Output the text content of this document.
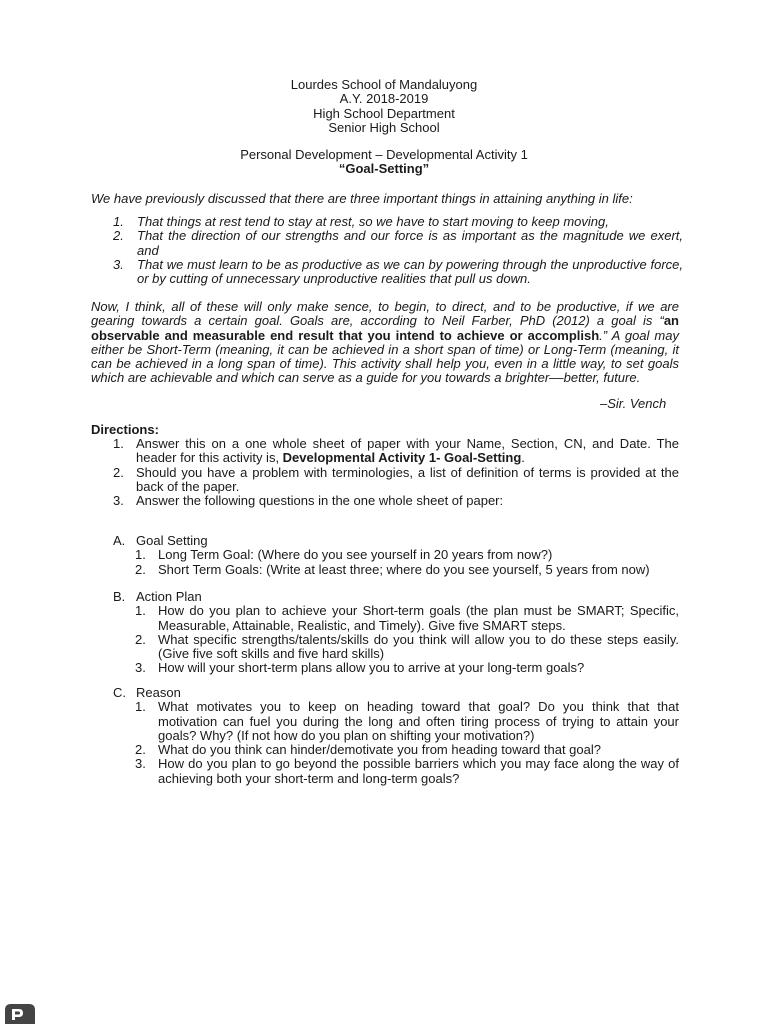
Lourdes School of Mandaluyong
A.Y. 2018-2019
High School Department
Senior High School
Personal Development – Developmental Activity 1
“Goal-Setting”
We have previously discussed that there are three important things in attaining anything in life:
1. That things at rest tend to stay at rest, so we have to start moving to keep moving,
2. That the direction of our strengths and our force is as important as the magnitude we exert, and
3. That we must learn to be as productive as we can by powering through the unproductive force, or by cutting of unnecessary unproductive realities that pull us down.
Now, I think, all of these will only make sence, to begin, to direct, and to be productive, if we are gearing towards a certain goal. Goals are, according to Neil Farber, PhD (2012) a goal is “an observable and measurable end result that you intend to achieve or accomplish.” A goal may either be Short-Term (meaning, it can be achieved in a short span of time) or Long-Term (meaning, it can be achieved in a long span of time). This activity shall help you, even in a little way, to set goals which are achievable and which can serve as a guide for you towards a brighter––better, future.
–Sir. Vench
Directions:
1. Answer this on a one whole sheet of paper with your Name, Section, CN, and Date. The header for this activity is, Developmental Activity 1- Goal-Setting.
2. Should you have a problem with terminologies, a list of definition of terms is provided at the back of the paper.
3. Answer the following questions in the one whole sheet of paper:
A. Goal Setting
1. Long Term Goal: (Where do you see yourself in 20 years from now?)
2. Short Term Goals: (Write at least three; where do you see yourself, 5 years from now)
B. Action Plan
1. How do you plan to achieve your Short-term goals (the plan must be SMART; Specific, Measurable, Attainable, Realistic, and Timely). Give five SMART steps.
2. What specific strengths/talents/skills do you think will allow you to do these steps easily. (Give five soft skills and five hard skills)
3. How will your short-term plans allow you to arrive at your long-term goals?
C. Reason
1. What motivates you to keep on heading toward that goal? Do you think that that motivation can fuel you during the long and often tiring process of trying to attain your goals? Why? (If not how do you plan on shifting your motivation?)
2. What do you think can hinder/demotivate you from heading toward that goal?
3. How do you plan to go beyond the possible barriers which you may face along the way of achieving both your short-term and long-term goals?
